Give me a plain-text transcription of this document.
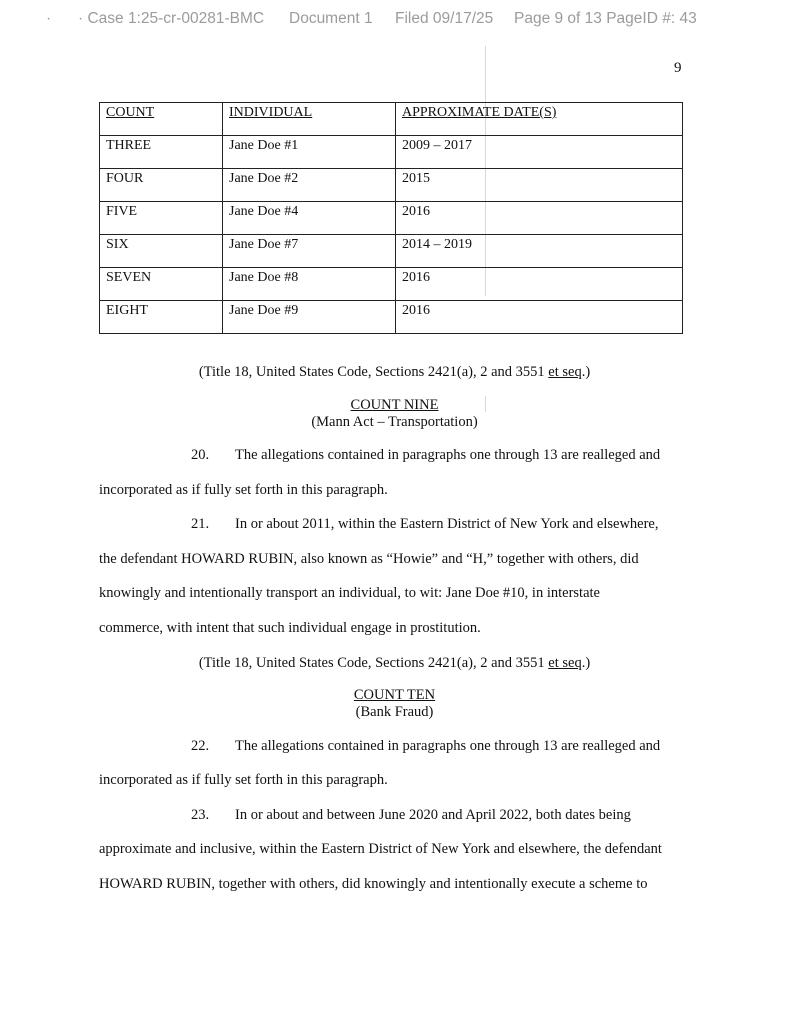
· · Case 1:25-cr-00281-BMC Document 1 Filed 09/17/25 Page 9 of 13 PageID #: 43
9
COUNT	INDIVIDUAL	APPROXIMATE DATE(S)
THREE	Jane Doe #1	2009 – 2017
FOUR	Jane Doe #2	2015
FIVE	Jane Doe #4	2016
SIX	Jane Doe #7	2014 – 2019
SEVEN	Jane Doe #8	2016
EIGHT	Jane Doe #9	2016
(Title 18, United States Code, Sections 2421(a), 2 and 3551 et seq.)
COUNT NINE
(Mann Act – Transportation)
20. The allegations contained in paragraphs one through 13 are realleged and
incorporated as if fully set forth in this paragraph.
21. In or about 2011, within the Eastern District of New York and elsewhere,
the defendant HOWARD RUBIN, also known as “Howie” and “H,” together with others, did
knowingly and intentionally transport an individual, to wit: Jane Doe #10, in interstate
commerce, with intent that such individual engage in prostitution.
(Title 18, United States Code, Sections 2421(a), 2 and 3551 et seq.)
COUNT TEN
(Bank Fraud)
22. The allegations contained in paragraphs one through 13 are realleged and
incorporated as if fully set forth in this paragraph.
23. In or about and between June 2020 and April 2022, both dates being
approximate and inclusive, within the Eastern District of New York and elsewhere, the defendant
HOWARD RUBIN, together with others, did knowingly and intentionally execute a scheme to
